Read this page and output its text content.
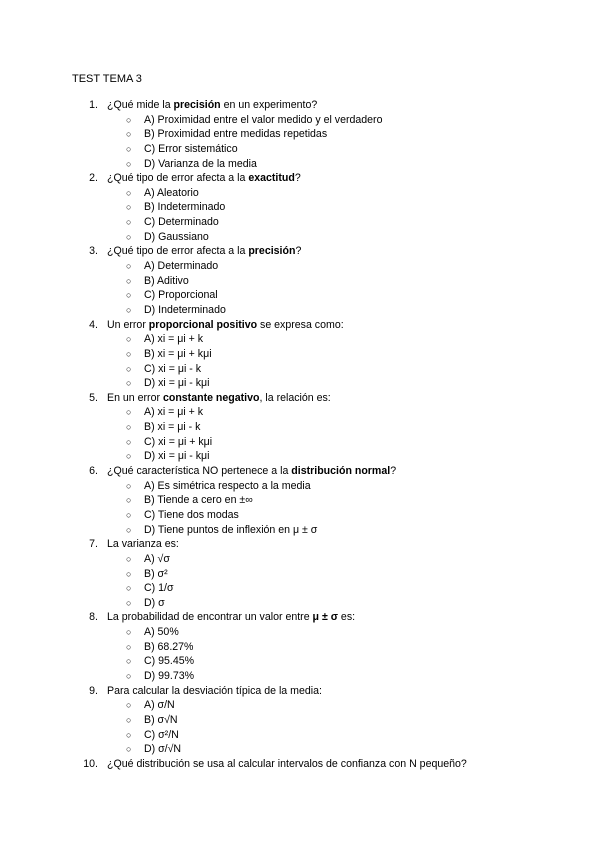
TEST TEMA 3
1. ¿Qué mide la precisión en un experimento?
○ A) Proximidad entre el valor medido y el verdadero
○ B) Proximidad entre medidas repetidas
○ C) Error sistemático
○ D) Varianza de la media
2. ¿Qué tipo de error afecta a la exactitud?
○ A) Aleatorio
○ B) Indeterminado
○ C) Determinado
○ D) Gaussiano
3. ¿Qué tipo de error afecta a la precisión?
○ A) Determinado
○ B) Aditivo
○ C) Proporcional
○ D) Indeterminado
4. Un error proporcional positivo se expresa como:
○ A) xi = μi + k
○ B) xi = μi + kμi
○ C) xi = μi - k
○ D) xi = μi - kμi
5. En un error constante negativo, la relación es:
○ A) xi = μi + k
○ B) xi = μi - k
○ C) xi = μi + kμi
○ D) xi = μi - kμi
6. ¿Qué característica NO pertenece a la distribución normal?
○ A) Es simétrica respecto a la media
○ B) Tiende a cero en ±∞
○ C) Tiene dos modas
○ D) Tiene puntos de inflexión en μ ± σ
7. La varianza es:
○ A) √σ
○ B) σ²
○ C) 1/σ
○ D) σ
8. La probabilidad de encontrar un valor entre μ ± σ es:
○ A) 50%
○ B) 68.27%
○ C) 95.45%
○ D) 99.73%
9. Para calcular la desviación típica de la media:
○ A) σ/N
○ B) σ√N
○ C) σ²/N
○ D) σ/√N
10. ¿Qué distribución se usa al calcular intervalos de confianza con N pequeño?
